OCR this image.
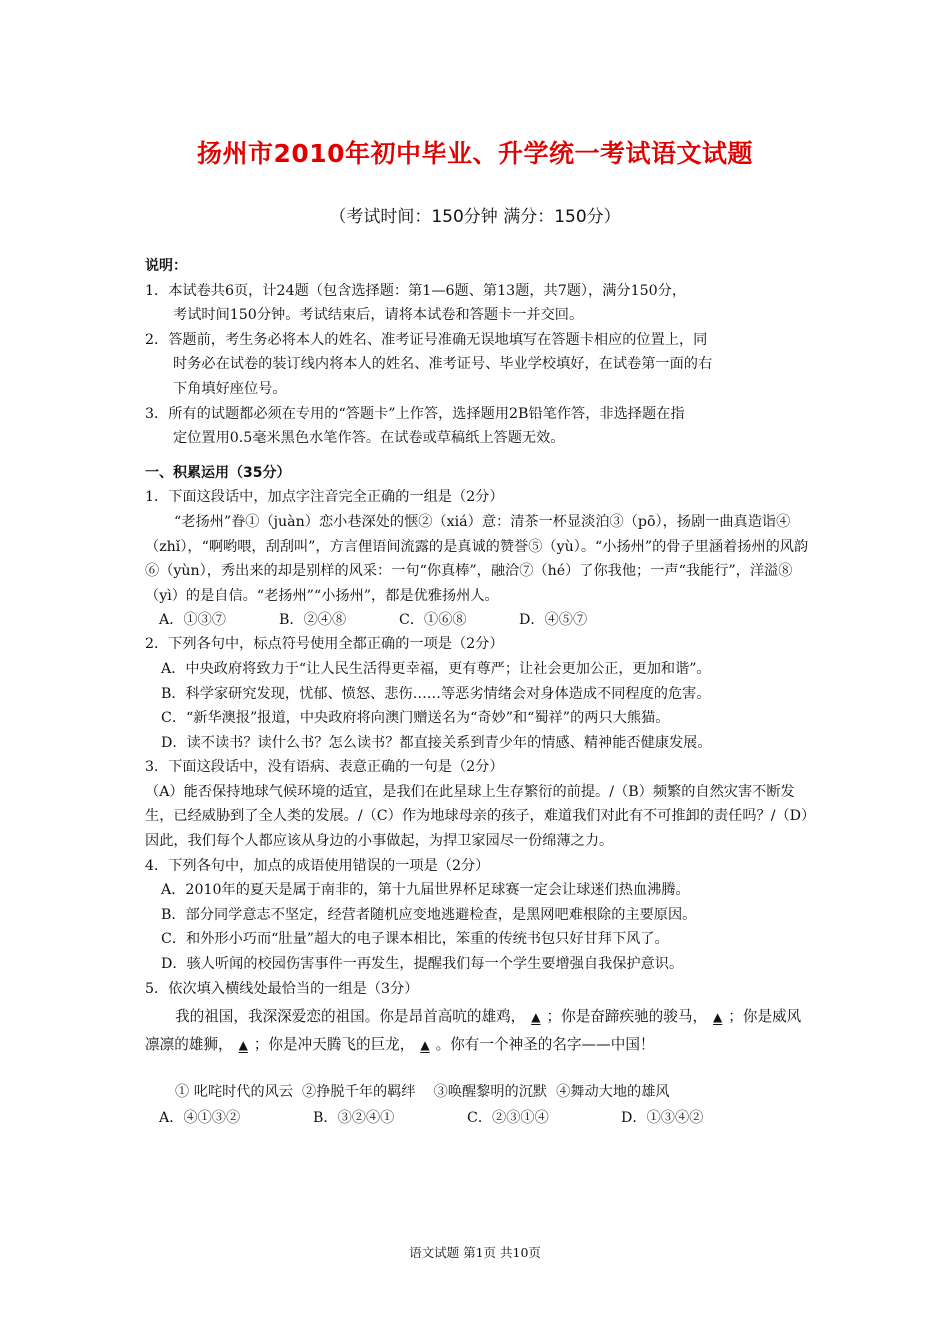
扬州市2010年初中毕业、升学统一考试语文试题
（考试时间：150分钟 满分：150分）
说明：
1．本试卷共6页，计24题（包含选择题：第1—6题、第13题，共7题），满分150分，
考试时间150分钟。考试结束后，请将本试卷和答题卡一并交回。
2．答题前，考生务必将本人的姓名、准考证号准确无误地填写在答题卡相应的位置上，同
时务必在试卷的装订线内将本人的姓名、准考证号、毕业学校填好，在试卷第一面的右
下角填好座位号。
3．所有的试题都必须在专用的“答题卡”上作答，选择题用2B铅笔作答，非选择题在指
定位置用0.5毫米黑色水笔作答。在试卷或草稿纸上答题无效。
一、积累运用（35分）
1．下面这段话中，加点字注音完全正确的一组是（2分）
“老扬州”眷①（juàn）恋小巷深处的惬②（xiá）意：清茶一杯显淡泊③（pō），扬剧一曲真造诣④（zhǐ），“啊哟喂，刮刮叫”，方言俚语间流露的是真诚的赞誉⑤（yù）。“小扬州”的骨子里涵着扬州的风韵⑥（yùn），秀出来的却是别样的风采：一句“你真棒”，融洽⑦（hé）了你我他；一声“我能行”，洋溢⑧（yì）的是自信。“老扬州”“小扬州”，都是优雅扬州人。
A．①③⑦	B．②④⑧	C．①⑥⑧	D．④⑤⑦
2．下列各句中，标点符号使用全都正确的一项是（2分）
A．中央政府将致力于“让人民生活得更幸福，更有尊严；让社会更加公正，更加和谐”。
B．科学家研究发现，忧郁、愤怒、悲伤……等恶劣情绪会对身体造成不同程度的危害。
C．“新华澳报”报道，中央政府将向澳门赠送名为“奇妙”和“蜀祥”的两只大熊猫。
D．读不读书？读什么书？怎么读书？都直接关系到青少年的情感、精神能否健康发展。
3．下面这段话中，没有语病、表意正确的一句是（2分）
（A）能否保持地球气候环境的适宜，是我们在此星球上生存繁衍的前提。/（B）频繁的自然灾害不断发生，已经威胁到了全人类的发展。/（C）作为地球母亲的孩子，难道我们对此有不可推卸的责任吗？/（D）因此，我们每个人都应该从身边的小事做起，为捍卫家园尽一份绵薄之力。
4．下列各句中，加点的成语使用错误的一项是（2分）
A．2010年的夏天是属于南非的，第十九届世界杯足球赛一定会让球迷们热血沸腾。
B．部分同学意志不坚定，经营者随机应变地逃避检查，是黑网吧难根除的主要原因。
C．和外形小巧而“肚量”超大的电子课本相比，笨重的传统书包只好甘拜下风了。
D．骇人听闻的校园伤害事件一再发生，提醒我们每一个学生要增强自我保护意识。
5．依次填入横线处最恰当的一组是（3分）
我的祖国，我深深爱恋的祖国。你是昂首高吭的雄鸡， ▲ ；你是奋蹄疾驰的骏马， ▲ ；你是威风凛凛的雄狮， ▲ ；你是冲天腾飞的巨龙， ▲ 。你有一个神圣的名字——中国！
① 叱咤时代的风云  ②挣脱千年的羁绊    ③唤醒黎明的沉默  ④舞动大地的雄风
A．④①③②	B．③②④①	C．②③①④	D．①③④②
语文试题 第1页 共10页
